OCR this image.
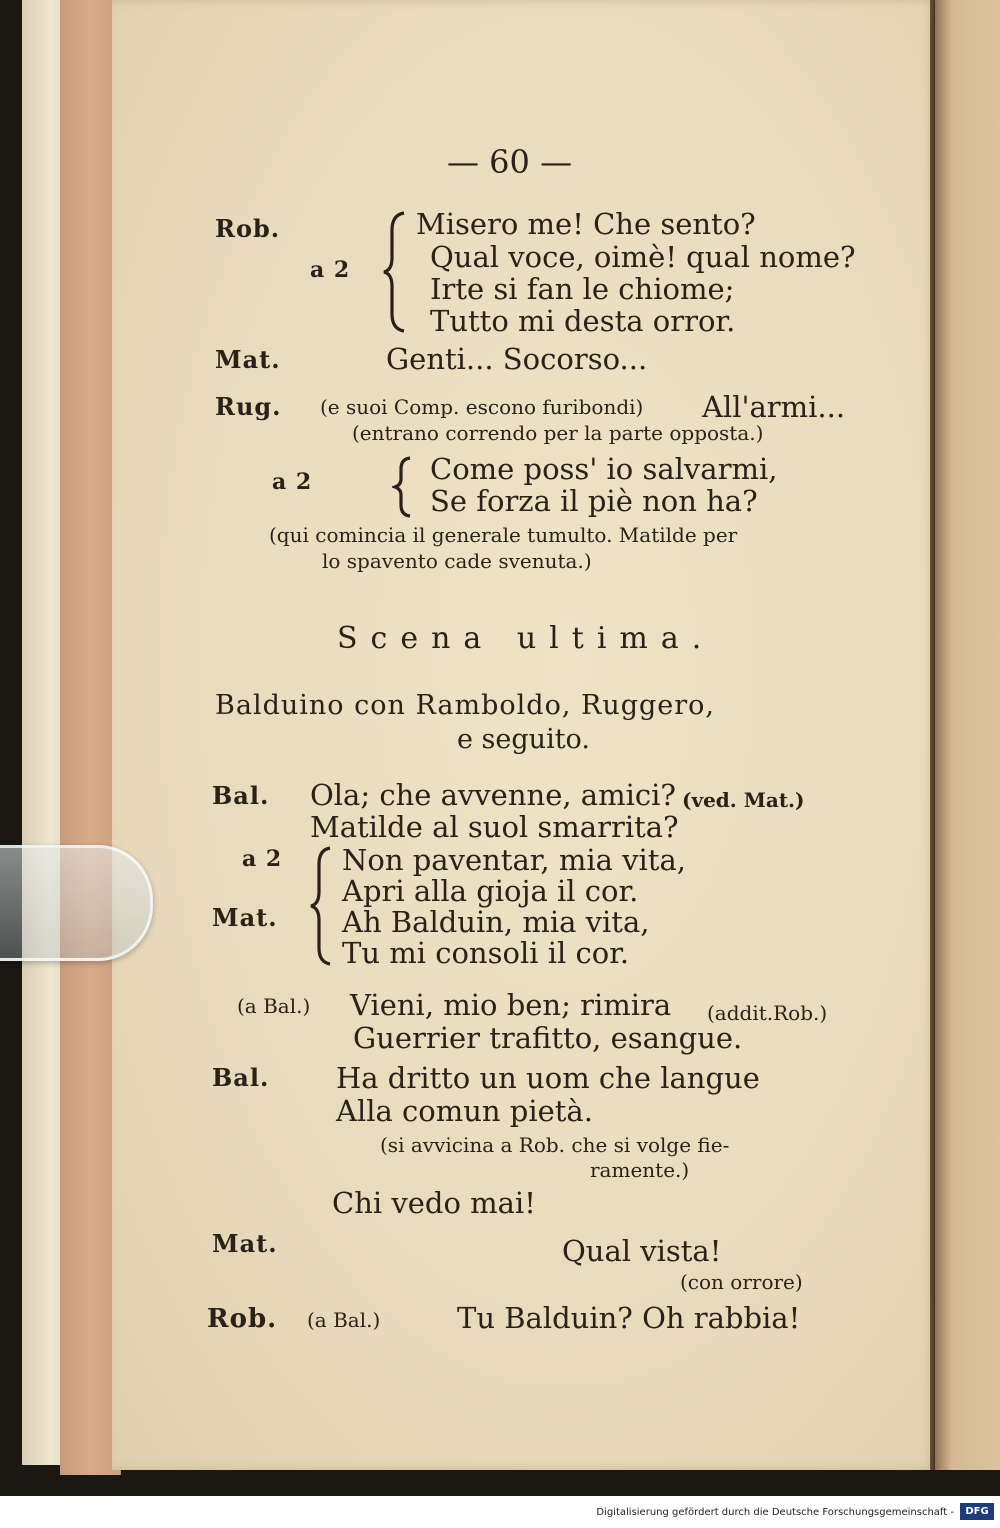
— 60 —
Rob.
a 2
Misero me! Che sento?
Qual voce, oimè! qual nome?
Irte si fan le chiome;
Tutto mi desta orror.
Mat.	Genti... Socorso...
Rug. (e suoi Comp. escono furibondi) All'armi...
(entrano correndo per la parte opposta.)
a 2	Come poss' io salvarmi,
Se forza il piè non ha?
(qui comincia il generale tumulto. Matilde per
lo spavento cade svenuta.)
Scena ultima.
Balduino con Ramboldo, Ruggero,
e seguito.
Bal. Ola; che avvenne, amici? (ved. Mat.)
Matilde al suol smarrita?
a 2
Mat.
Non paventar, mia vita,
Apri alla gioja il cor.
Ah Balduin, mia vita,
Tu mi consoli il cor.
(a Bal.) Vieni, mio ben; rimira (addit.Rob.)
Guerrier trafitto, esangue.
Bal. Ha dritto un uom che langue
Alla comun pietà.
(si avvicina a Rob. che si volge fie-
ramente.)
Chi vedo mai!
Mat.	Qual vista!
(con orrore)
Rob. (a Bal.)	Tu Balduin? Oh rabbia!
Digitalisierung gefördert durch die Deutsche Forschungsgemeinschaft -	DFG
